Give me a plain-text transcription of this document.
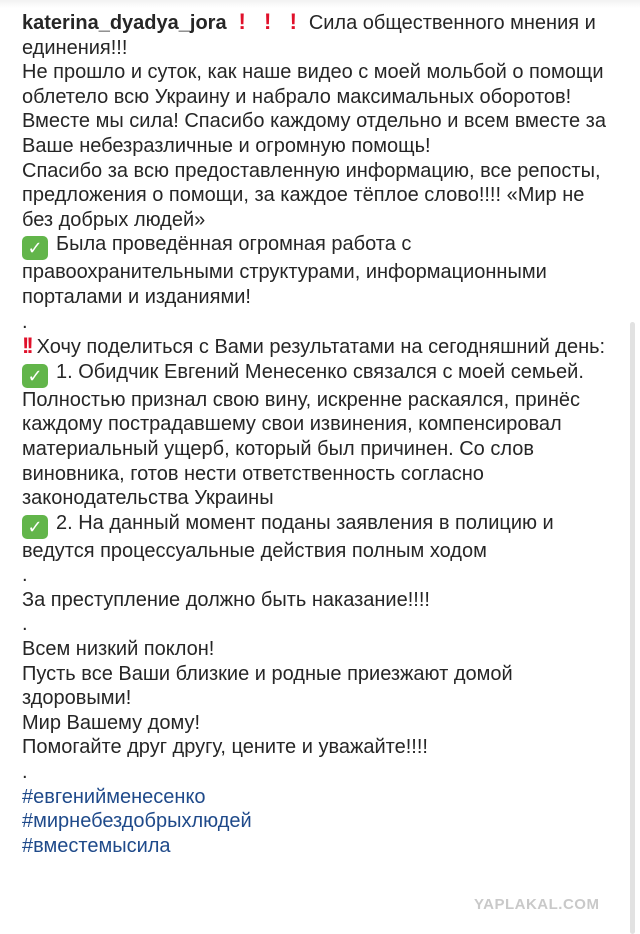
katerina_dyadya_jora ! ! ! Сила общественного мнения и единения!!!

Не прошло и суток, как наше видео с моей мольбой о помощи облетело всю Украину и набрало максимальных оборотов!

Вместе мы сила! Спасибо каждому отдельно и всем вместе за Ваше небезразличные и огромную помощь!

Спасибо за всю предоставленную информацию, все репосты, предложения о помощи, за каждое тёплое слово!!!! «Мир не без добрых людей»

✓ Была проведённая огромная работа с правоохранительными структурами, информационными порталами и изданиями!

.

!! Хочу поделиться с Вами результатами на сегодняшний день:

✓ 1. Обидчик Евгений Менесенко связался с моей семьей. Полностью признал свою вину, искренне раскаялся, принёс каждому пострадавшему свои извинения, компенсировал материальный ущерб, который был причинен. Со слов виновника, готов нести ответственность согласно законодательства Украины

✓ 2. На данный момент поданы заявления в полицию и ведутся процессуальные действия полным ходом

.

За преступление должно быть наказание!!!!

.

Всем низкий поклон!

Пусть все Ваши близкие и родные приезжают домой здоровыми!

Мир Вашему дому!

Помогайте друг другу, цените и уважайте!!!!

.

#евгениймeнесенко

#мирнебездобрыхлюдей

#вместемысила

YAPLAKAL.COM
